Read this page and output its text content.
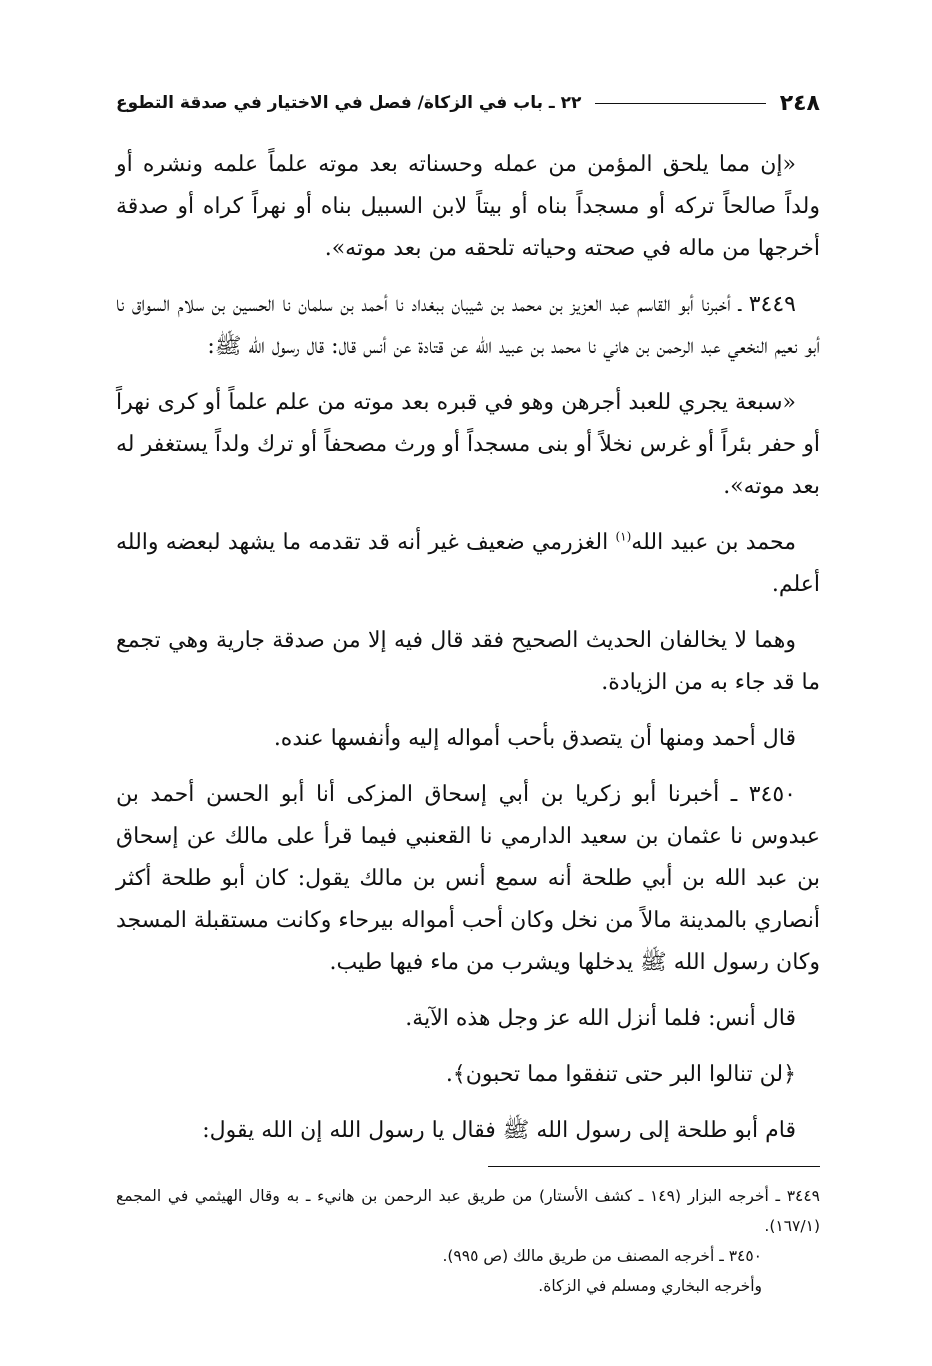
٢٤٨
٢٢ ـ باب في الزكاة/ فصل في الاختيار في صدقة التطوع

«إن مما يلحق المؤمن من عمله وحسناته بعد موته علماً علمه ونشره أو ولداً صالحاً تركه أو مسجداً بناه أو بيتاً لابن السبيل بناه أو نهراً كراه أو صدقة أخرجها من ماله في صحته وحياته تلحقه من بعد موته».

٣٤٤٩ ـ أخبرنا أبو القاسم عبد العزيز بن محمد بن شيبان ببغداد نا أحمد بن سلمان نا الحسين بن سلام السواق نا أبو نعيم النخعي عبد الرحمن بن هاني نا محمد بن عبيد الله عن قتادة عن أنس قال: قال رسول الله ﷺ:

«سبعة يجري للعبد أجرهن وهو في قبره بعد موته من علم علماً أو كرى نهراً أو حفر بئراً أو غرس نخلاً أو بنى مسجداً أو ورث مصحفاً أو ترك ولداً يستغفر له بعد موته».

محمد بن عبيد الله$^{(١)}$ الغزرمي ضعيف غير أنه قد تقدمه ما يشهد لبعضه والله أعلم.

وهما لا يخالفان الحديث الصحيح فقد قال فيه إلا من صدقة جارية وهي تجمع ما قد جاء به من الزيادة.

قال أحمد ومنها أن يتصدق بأحب أمواله إليه وأنفسها عنده.

٣٤٥٠ ـ أخبرنا أبو زكريا بن أبي إسحاق المزكى أنا أبو الحسن أحمد بن عبدوس نا عثمان بن سعيد الدارمي نا القعنبي فيما قرأ على مالك عن إسحاق بن عبد الله بن أبي طلحة أنه سمع أنس بن مالك يقول: كان أبو طلحة أكثر أنصاري بالمدينة مالاً من نخل وكان أحب أمواله بيرحاء وكانت مستقبلة المسجد وكان رسول الله ﷺ يدخلها ويشرب من ماء فيها طيب.

قال أنس: فلما أنزل الله عز وجل هذه الآية.

﴿لن تنالوا البر حتى تنفقوا مما تحبون﴾.

قام أبو طلحة إلى رسول الله ﷺ فقال يا رسول الله إن الله يقول:

٣٤٤٩ ـ أخرجه البزار (١٤٩ ـ كشف الأستار) من طريق عبد الرحمن بن هانيء ـ به وقال الهيثمي في المجمع (١٦٧/١).

٣٤٥٠ ـ أخرجه المصنف من طريق مالك (ص ٩٩٥).

وأخرجه البخاري ومسلم في الزكاة.
